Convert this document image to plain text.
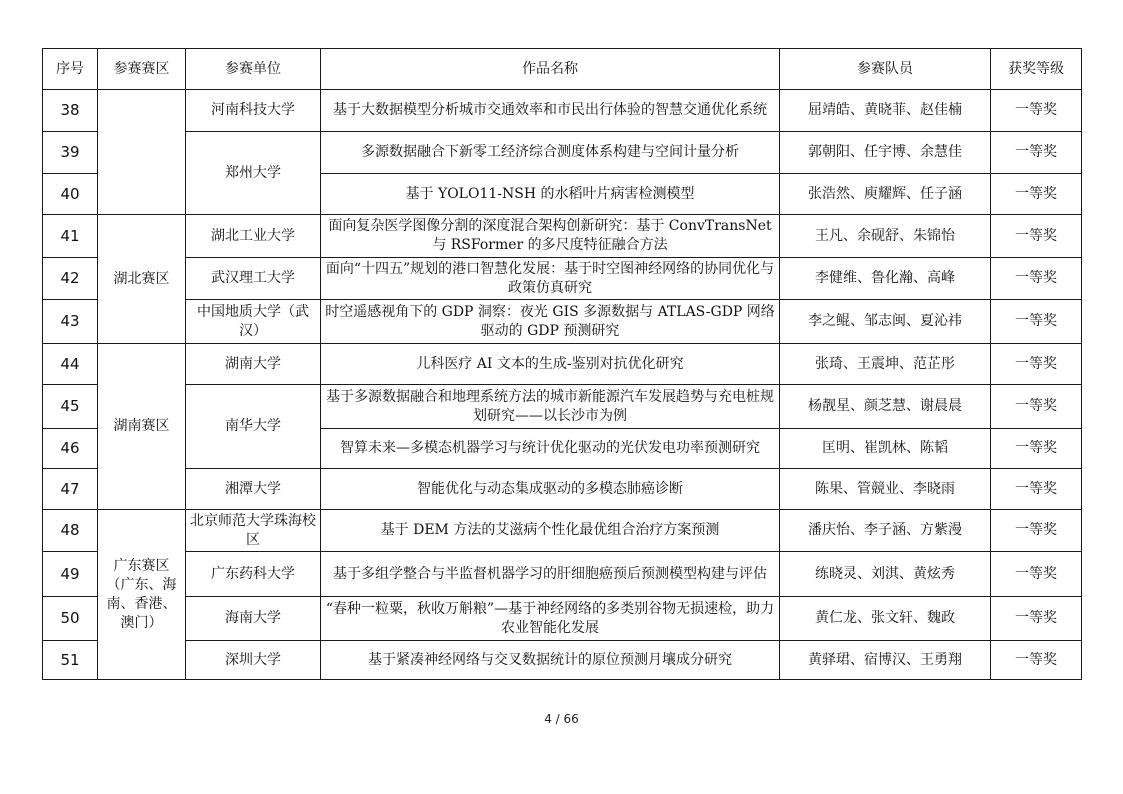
序号	参赛赛区	参赛单位	作品名称	参赛队员	获奖等级
38		河南科技大学	基于大数据模型分析城市交通效率和市民出行体验的智慧交通优化系统	屈靖皓、黄晓菲、赵佳楠	一等奖
39		郑州大学	多源数据融合下新零工经济综合测度体系构建与空间计量分析	郭朝阳、任宇博、余慧佳	一等奖
40			基于 YOLO11-NSH 的水稻叶片病害检测模型	张浩然、庾耀辉、任子涵	一等奖
41	湖北赛区	湖北工业大学	面向复杂医学图像分割的深度混合架构创新研究：基于 ConvTransNet 与 RSFormer 的多尺度特征融合方法	王凡、余砚舒、朱锦怡	一等奖
42		武汉理工大学	面向“十四五”规划的港口智慧化发展：基于时空图神经网络的协同优化与政策仿真研究	李健维、鲁化瀚、高峰	一等奖
43		中国地质大学（武汉）	时空遥感视角下的 GDP 洞察：夜光 GIS 多源数据与 ATLAS-GDP 网络驱动的 GDP 预测研究	李之鲲、邹志闽、夏沁祎	一等奖
44	湖南赛区	湖南大学	儿科医疗 AI 文本的生成-鉴别对抗优化研究	张琦、王震坤、范芷彤	一等奖
45		南华大学	基于多源数据融合和地理系统方法的城市新能源汽车发展趋势与充电桩规划研究——以长沙市为例	杨靓星、颜芝慧、谢晨晨	一等奖
46			智算未来—多模态机器学习与统计优化驱动的光伏发电功率预测研究	匡明、崔凯林、陈韬	一等奖
47		湘潭大学	智能优化与动态集成驱动的多模态肺癌诊断	陈果、管競业、李晓雨	一等奖
48	广东赛区（广东、海南、香港、澳门）	北京师范大学珠海校区	基于 DEM 方法的艾滋病个性化最优组合治疗方案预测	潘庆怡、李子涵、方紫漫	一等奖
49		广东药科大学	基于多组学整合与半监督机器学习的肝细胞癌预后预测模型构建与评估	练晓灵、刘淇、黄炫秀	一等奖
50		海南大学	“春种一粒粟，秋收万斛粮”—基于神经网络的多类别谷物无损速检，助力农业智能化发展	黄仁龙、张文轩、魏政	一等奖
51		深圳大学	基于紧凑神经网络与交叉数据统计的原位预测月壤成分研究	黄驿珺、宿博汉、王勇翔	一等奖
4 / 66
